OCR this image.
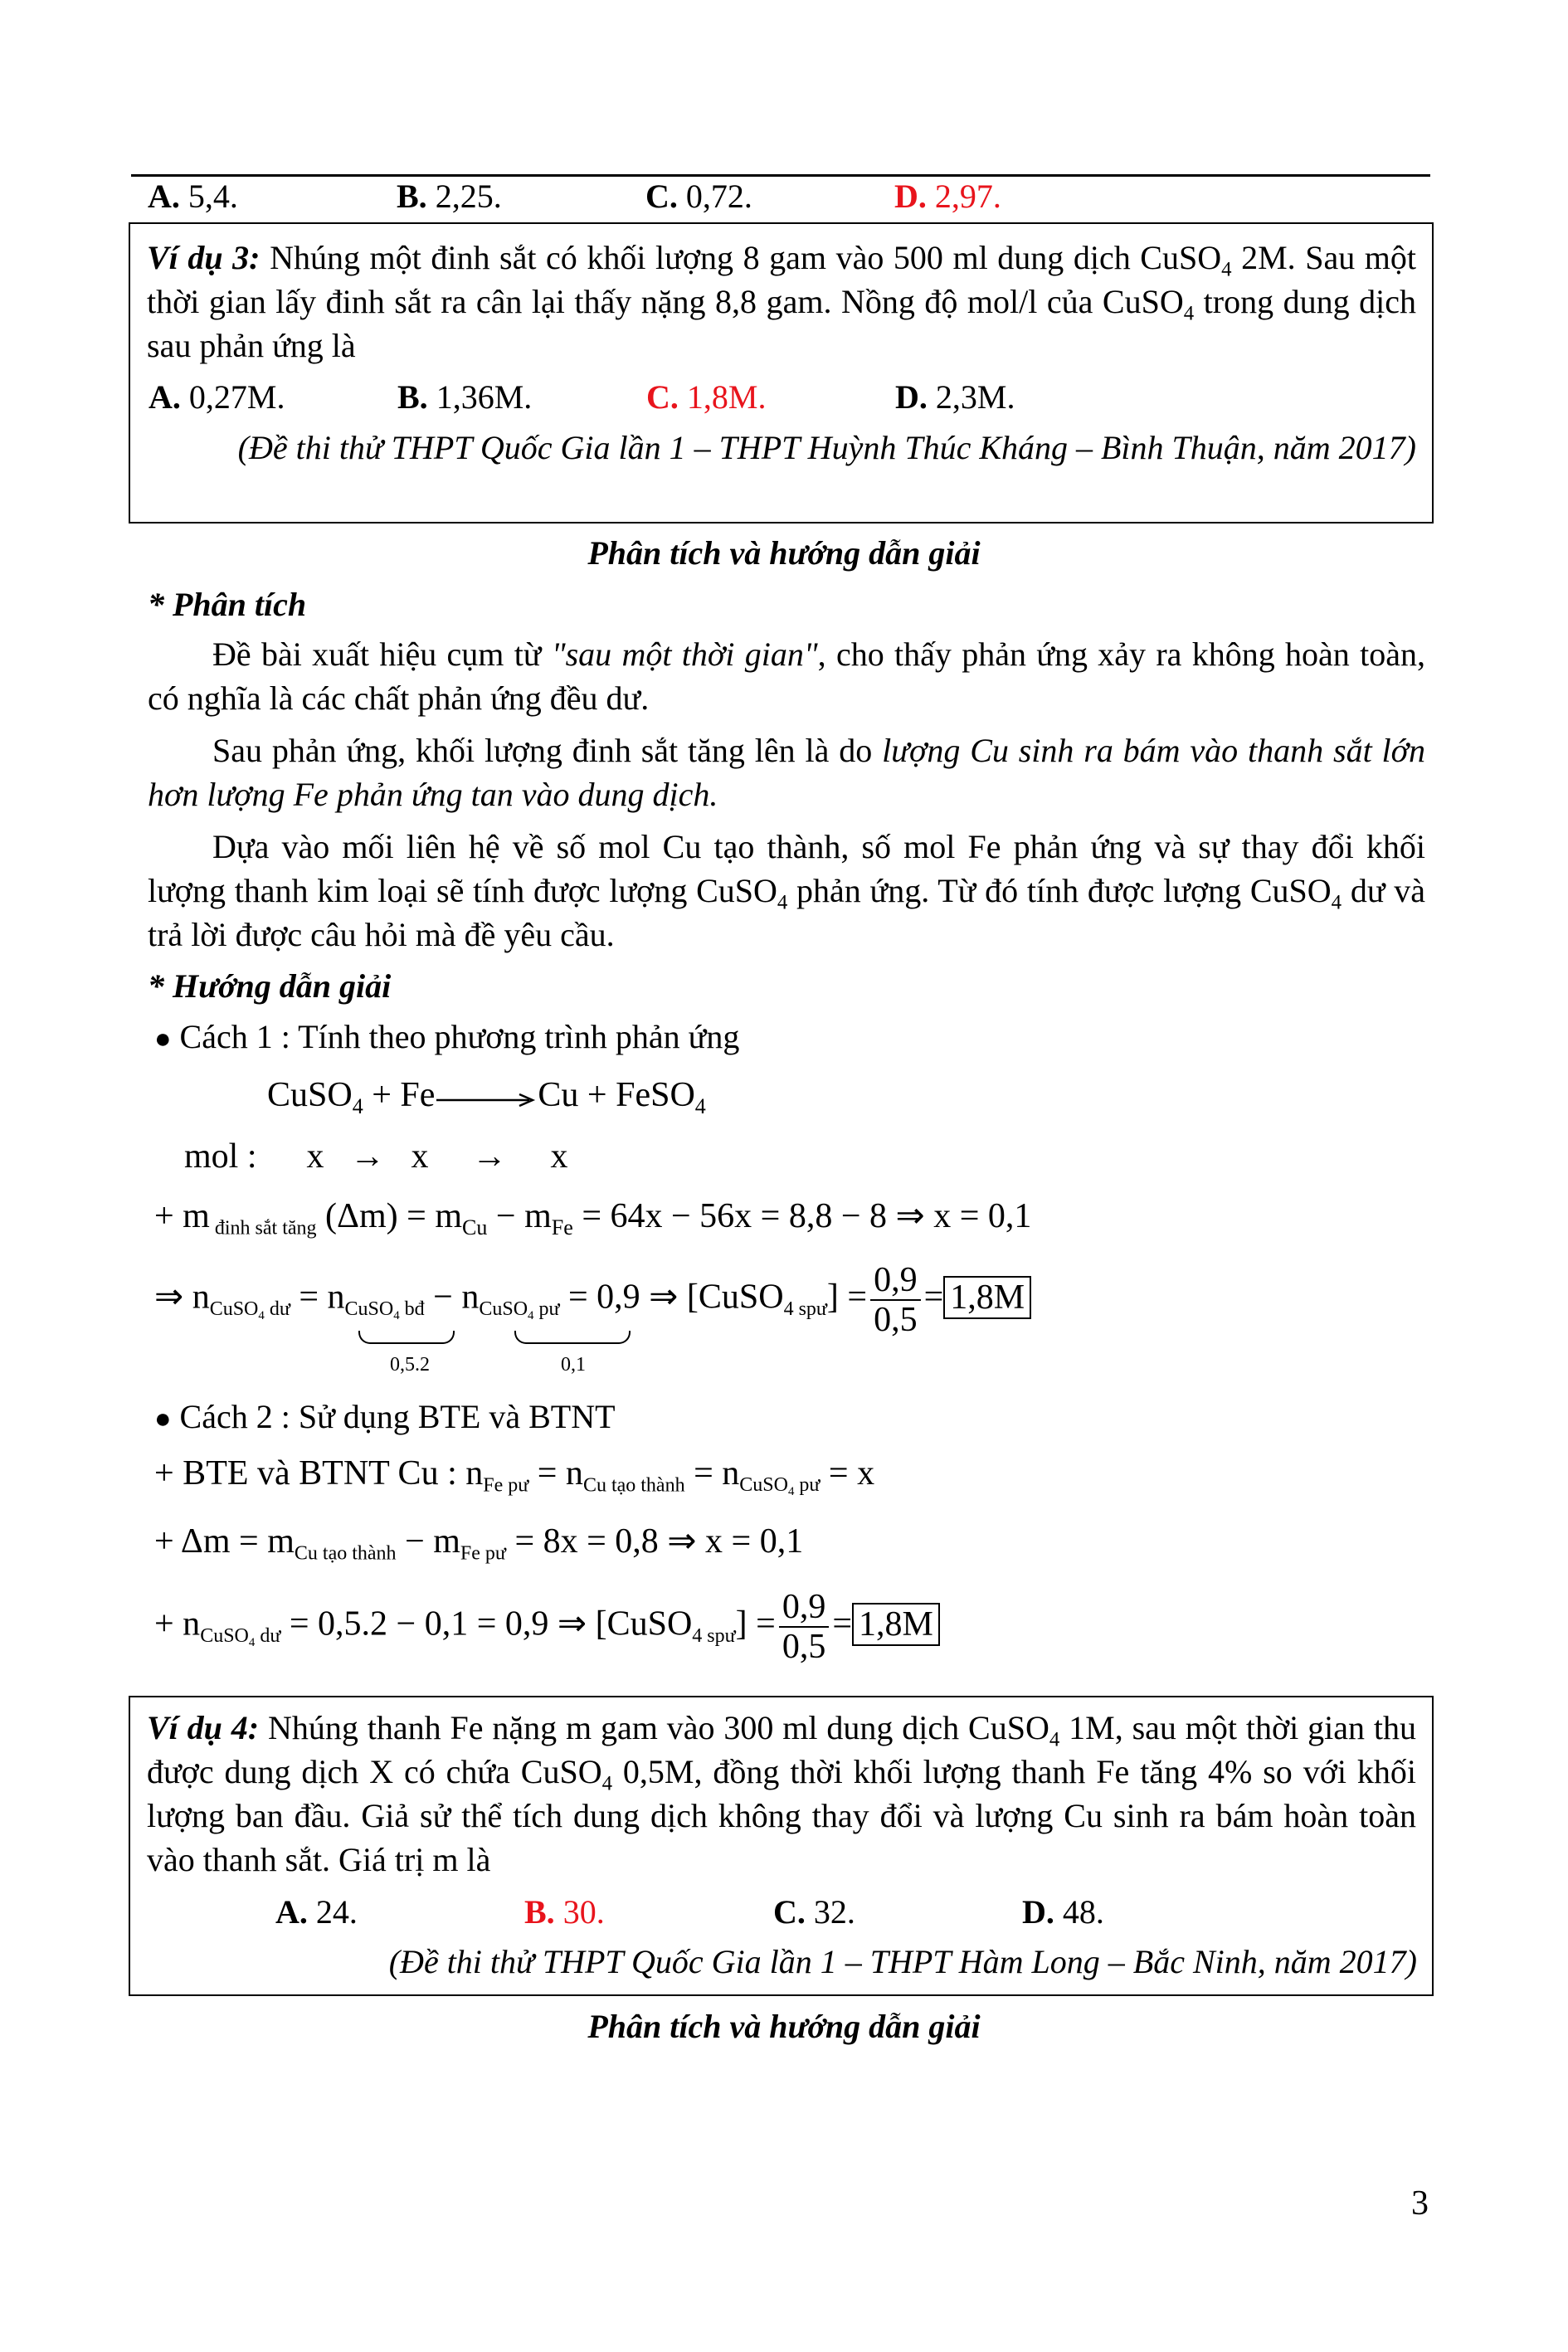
A. 5,4.	B. 2,25.	C. 0,72.	D. 2,97.
Ví dụ 3: Nhúng một đinh sắt có khối lượng 8 gam vào 500 ml dung dịch CuSO$_4$ 2M. Sau một thời gian lấy đinh sắt ra cân lại thấy nặng 8,8 gam. Nồng độ mol/l của CuSO$_4$ trong dung dịch sau phản ứng là
A. 0,27M.	B. 1,36M.	C. 1,8M.	D. 2,3M.
(Đề thi thử THPT Quốc Gia lần 1 – THPT Huỳnh Thúc Kháng – Bình Thuận, năm 2017)
Phân tích và hướng dẫn giải
* Phân tích
Đề bài xuất hiệu cụm từ "sau một thời gian", cho thấy phản ứng xảy ra không hoàn toàn, có nghĩa là các chất phản ứng đều dư.
Sau phản ứng, khối lượng đinh sắt tăng lên là do lượng Cu sinh ra bám vào thanh sắt lớn hơn lượng Fe phản ứng tan vào dung dịch.
Dựa vào mối liên hệ về số mol Cu tạo thành, số mol Fe phản ứng và sự thay đổi khối lượng thanh kim loại sẽ tính được lượng CuSO$_4$ phản ứng. Từ đó tính được lượng CuSO$_4$ dư và trả lời được câu hỏi mà đề yêu cầu.
* Hướng dẫn giải
● Cách 1 : Tính theo phương trình phản ứng
CuSO$_4$ + Fe	Cu + FeSO$_4$
mol : x   →   x     →     x
+ m $_{đinh sắt tăng}$ $(\Delta m) = m_{Cu} - m_{Fe} = 64x - 56x = 8,8 - 8$ ⇒ x = 0,1
⇒ $n_{CuSO_4 dư} = n_{CuSO_4 bđ} - n_{CuSO_4 pư} = 0,9$ ⇒ [CuSO$_{4 spư}$] = $\frac{0,9}{0,5} = 1,8M$
0,5.2	0,1
● Cách 2 : Sử dụng BTE và BTNT
+ BTE và BTNT Cu : $n_{Fe pư} = n_{Cu tạo thành} = n_{CuSO_4 pư} = x$
+ $\Delta m = m_{Cu tạo thành} - m_{Fe pư} = 8x = 0,8$ ⇒ x = 0,1
+ $n_{CuSO_4 dư} = 0,5.2 - 0,1 = 0,9$ ⇒ [CuSO$_{4 spư}$] = $\frac{0,9}{0,5} = 1,8M$
Ví dụ 4: Nhúng thanh Fe nặng m gam vào 300 ml dung dịch CuSO$_4$ 1M, sau một thời gian thu được dung dịch X có chứa CuSO$_4$ 0,5M, đồng thời khối lượng thanh Fe tăng 4% so với khối lượng ban đầu. Giả sử thể tích dung dịch không thay đổi và lượng Cu sinh ra bám hoàn toàn vào thanh sắt. Giá trị m là
A. 24.	B. 30.	C. 32.	D. 48.
(Đề thi thử THPT Quốc Gia lần 1 – THPT Hàm Long – Bắc Ninh, năm 2017)
Phân tích và hướng dẫn giải
3
